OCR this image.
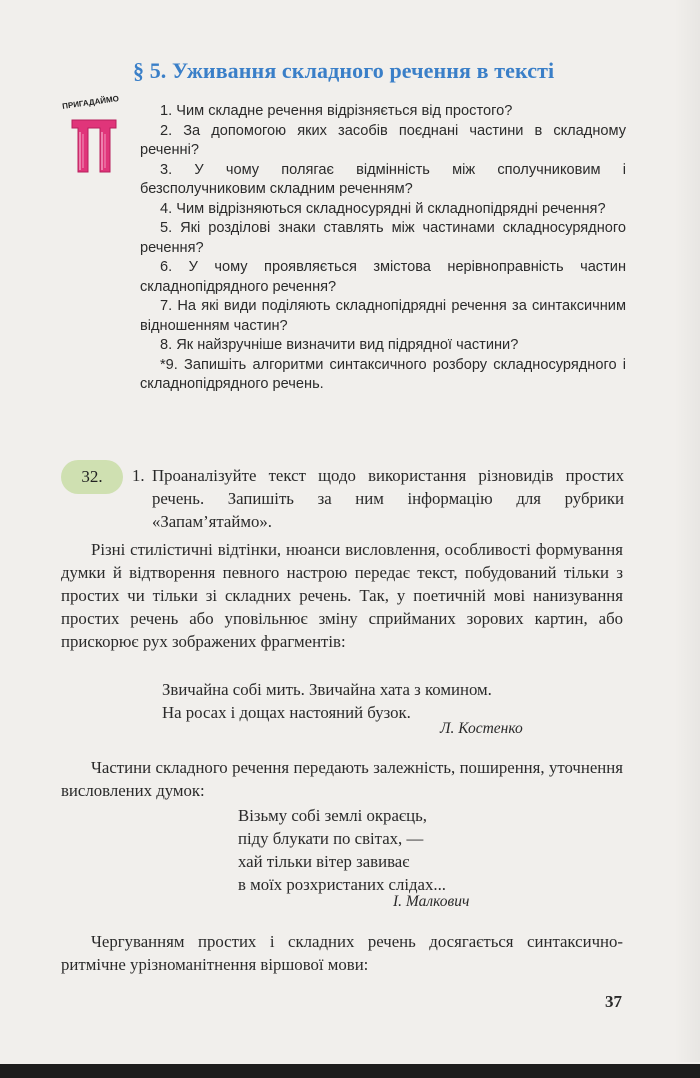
§ 5. Уживання складного речення в тексті
ПРИГАДАЙМО

1. Чим складне речення відрізняється від простого?

2. За допомогою яких засобів поєднані частини в складному реченні?

3. У чому полягає відмінність між сполучниковим і безсполучниковим складним реченням?

4. Чим відрізняються складносурядні й складнопідрядні речення?

5. Які розділові знаки ставлять між частинами складносурядного речення?

6. У чому проявляється змістова нерівноправність частин складнопідрядного речення?

7. На які види поділяють складнопідрядні речення за синтаксичним відношенням частин?

8. Як найзручніше визначити вид підрядної частини?

*9. Запишіть алгоритми синтаксичного розбору складносурядного і складнопідрядного речень.

32.	1. Проаналізуйте текст щодо використання різновидів простих речень. Запишіть за ним інформацію для рубрики «Запам’ятаймо».

Різні стилістичні відтінки, нюанси висловлення, особливості формування думки й відтворення певного настрою передає текст, побудований тільки з простих чи тільки зі складних речень. Так, у поетичній мові нанизування простих речень або уповільнює зміну сприйманих зорових картин, або прискорює рух зображених фрагментів:

Звичайна собі мить. Звичайна хата з комином.
На росах і дощах настояний бузок.
Л. Костенко

Частини складного речення передають залежність, поширення, уточнення висловлених думок:

Візьму собі землі окраєць,
піду блукати по світах, —
хай тільки вітер завиває
в моїх розхристаних слідах...
І. Малкович

Чергуванням простих і складних речень досягається синтаксично-ритмічне урізноманітнення віршової мови:

37
